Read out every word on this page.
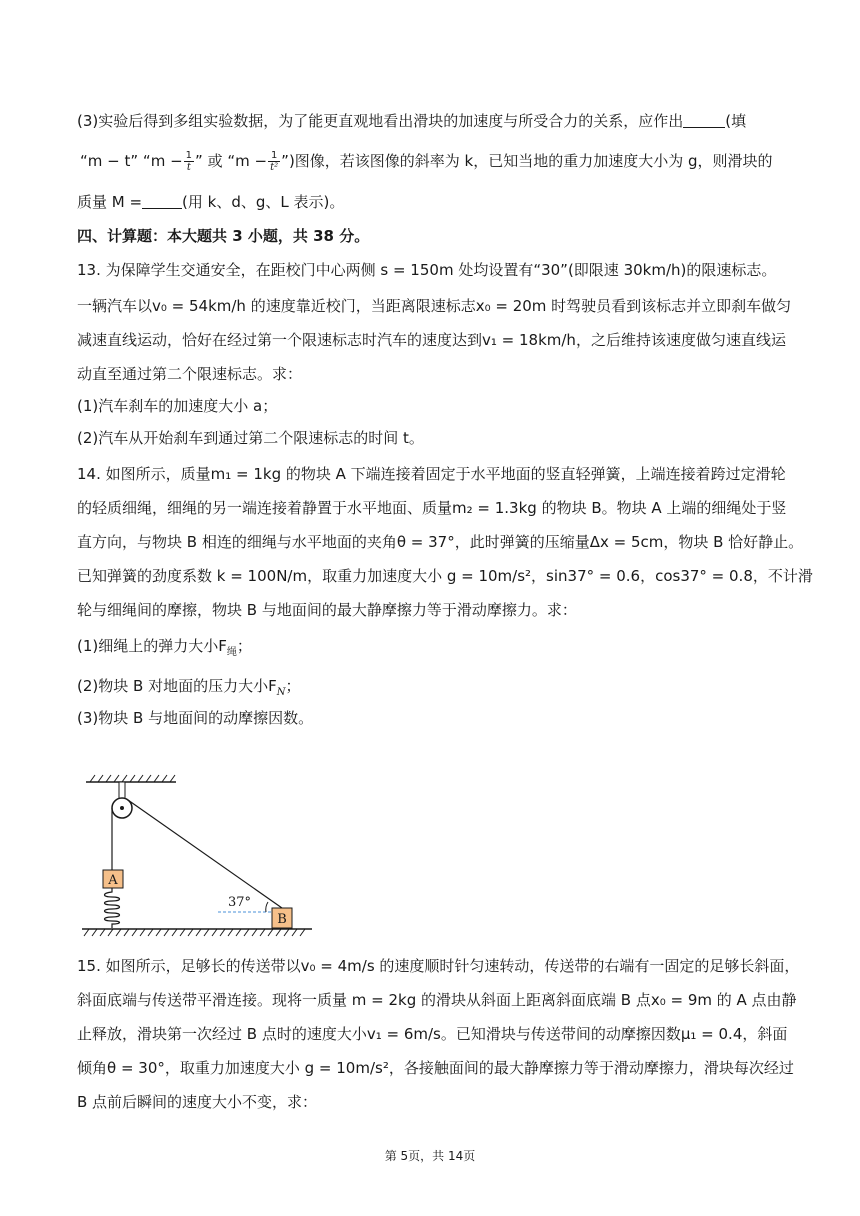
(3)实验后得到多组实验数据，为了能更直观地看出滑块的加速度与所受合力的关系，应作出	(填
“m − t” “$m - \frac{1}{t}$ ” 或 “$m - \frac{1}{\text{t²}}$ ”)图像，若该图像的斜率为 k，已知当地的重力加速度大小为 g，则滑块的
质量 M =	(用 k、d、g、L 表示)。
四、计算题：本大题共 3 小题，共 38 分。
13. 为保障学生交通安全，在距校门中心两侧 s = 150m 处均设置有“30”(即限速 30km/h)的限速标志。
一辆汽车以v₀ = 54km/h 的速度靠近校门，当距离限速标志x₀ = 20m 时驾驶员看到该标志并立即刹车做匀
减速直线运动，恰好在经过第一个限速标志时汽车的速度达到v₁ = 18km/h，之后维持该速度做匀速直线运
动直至通过第二个限速标志。求：
(1)汽车刹车的加速度大小 a；
(2)汽车从开始刹车到通过第二个限速标志的时间 t。
14. 如图所示，质量m₁ = 1kg 的物块 A 下端连接着固定于水平地面的竖直轻弹簧，上端连接着跨过定滑轮
的轻质细绳，细绳的另一端连接着静置于水平地面、质量m₂ = 1.3kg 的物块 B。物块 A 上端的细绳处于竖
直方向，与物块 B 相连的细绳与水平地面的夹角θ = 37°，此时弹簧的压缩量Δx = 5cm，物块 B 恰好静止。
已知弹簧的劲度系数 k = 100N/m，取重力加速度大小 g = 10m/s²，sin37° = 0.6，cos37° = 0.8，不计滑
轮与细绳间的摩擦，物块 B 与地面间的最大静摩擦力等于滑动摩擦力。求：
(1)细绳上的弹力大小$F_绳$；
(2)物块 B 对地面的压力大小$F_N$；
(3)物块 B 与地面间的动摩擦因数。
A
37°
B
15. 如图所示，足够长的传送带以v₀ = 4m/s 的速度顺时针匀速转动，传送带的右端有一固定的足够长斜面，
斜面底端与传送带平滑连接。现将一质量 m = 2kg 的滑块从斜面上距离斜面底端 B 点x₀ = 9m 的 A 点由静
止释放，滑块第一次经过 B 点时的速度大小v₁ = 6m/s。已知滑块与传送带间的动摩擦因数μ₁ = 0.4，斜面
倾角θ = 30°，取重力加速度大小 g = 10m/s²，各接触面间的最大静摩擦力等于滑动摩擦力，滑块每次经过
B 点前后瞬间的速度大小不变，求：
第 5页，共 14页
